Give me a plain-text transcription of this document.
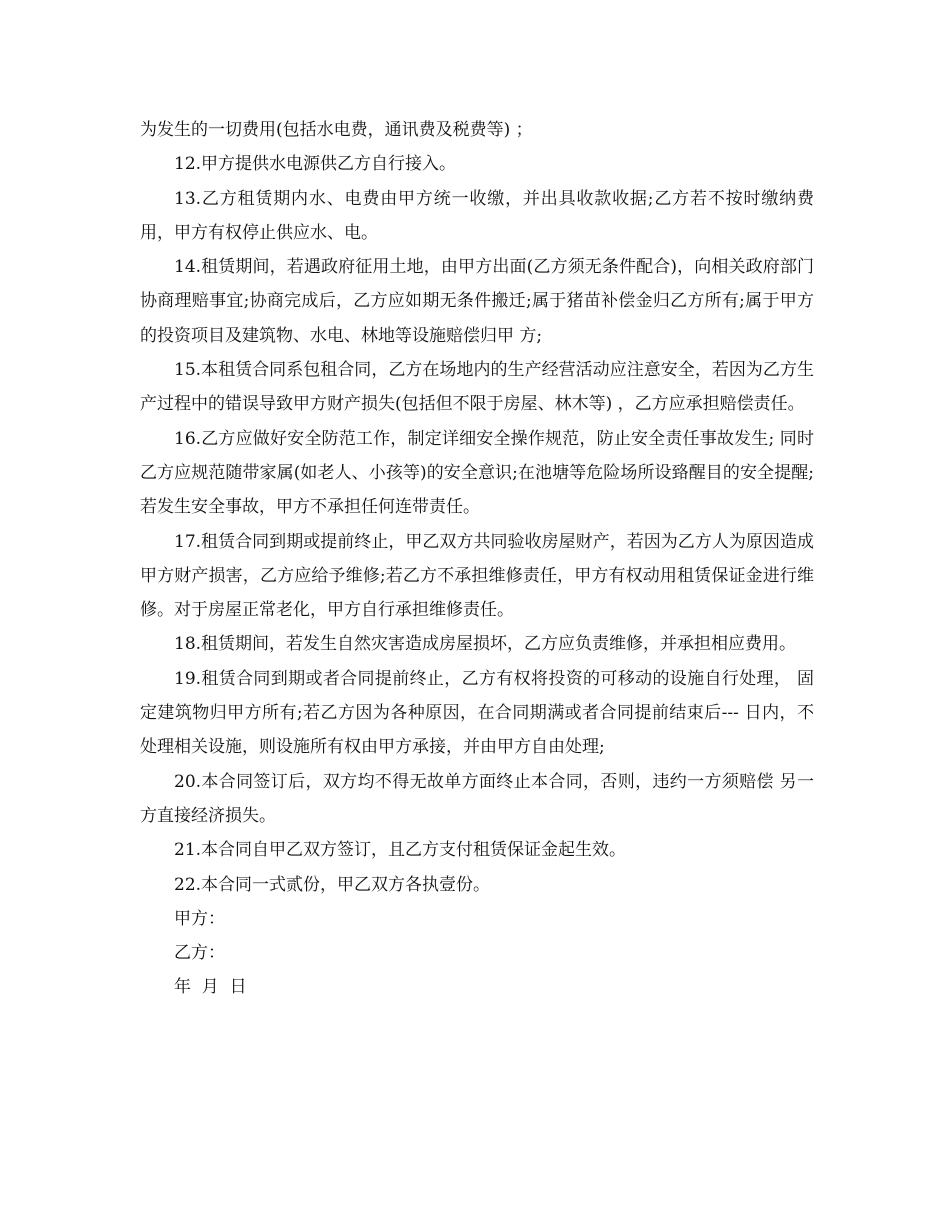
为发生的一切费用(包括水电费，通讯费及税费等) ；

12.甲方提供水电源供乙方自行接入。

13.乙方租赁期内水、电费由甲方统一收缴，并出具收款收据;乙方若不按时缴纳费用，甲方有权停止供应水、电。

14.租赁期间，若遇政府征用土地，由甲方出面(乙方须无条件配合)，向相关政府部门协商理赔事宜;协商完成后，乙方应如期无条件搬迁;属于猪苗补偿金归乙方所有;属于甲方的投资项目及建筑物、水电、林地等设施赔偿归甲 方;

15.本租赁合同系包租合同，乙方在场地内的生产经营活动应注意安全，若因为乙方生产过程中的错误导致甲方财产损失(包括但不限于房屋、林木等) ，乙方应承担赔偿责任。

16.乙方应做好安全防范工作，制定详细安全操作规范，防止安全责任事故发生; 同时乙方应规范随带家属(如老人、小孩等)的安全意识;在池塘等危险场所设臵醒目的安全提醒;若发生安全事故，甲方不承担任何连带责任。

17.租赁合同到期或提前终止，甲乙双方共同验收房屋财产，若因为乙方人为原因造成甲方财产损害，乙方应给予维修;若乙方不承担维修责任，甲方有权动用租赁保证金进行维修。对于房屋正常老化，甲方自行承担维修责任。

18.租赁期间，若发生自然灾害造成房屋损坏，乙方应负责维修，并承担相应费用。

19.租赁合同到期或者合同提前终止，乙方有权将投资的可移动的设施自行处理， 固定建筑物归甲方所有;若乙方因为各种原因，在合同期满或者合同提前结束后--- 日内，不处理相关设施，则设施所有权由甲方承接，并由甲方自由处理;

20.本合同签订后，双方均不得无故单方面终止本合同，否则，违约一方须赔偿 另一方直接经济损失。

21.本合同自甲乙双方签订，且乙方支付租赁保证金起生效。

22.本合同一式贰份，甲乙双方各执壹份。

甲方：

乙方：

年  月  日
